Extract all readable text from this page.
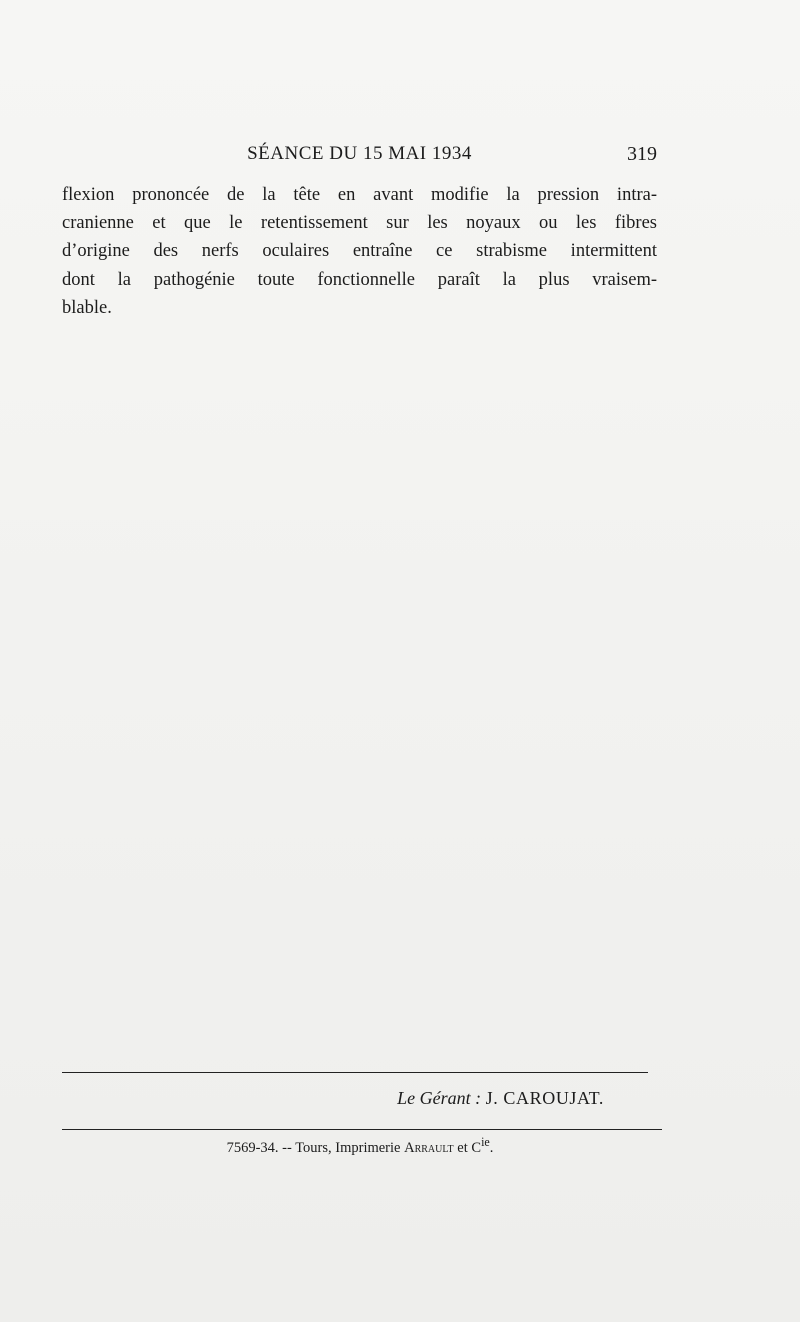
SÉANCE DU 15 MAI 1934	319
flexion prononcée de la tête en avant modifie la pression intra-
cranienne et que le retentissement sur les noyaux ou les fibres
d’origine des nerfs oculaires entraîne ce strabisme intermittent
dont la pathogénie toute fonctionnelle paraît la plus vraisem-
blable.
Le Gérant : J. CAROUJAT.
7569-34. -- Tours, Imprimerie Arrault et $C^{ie}$.
